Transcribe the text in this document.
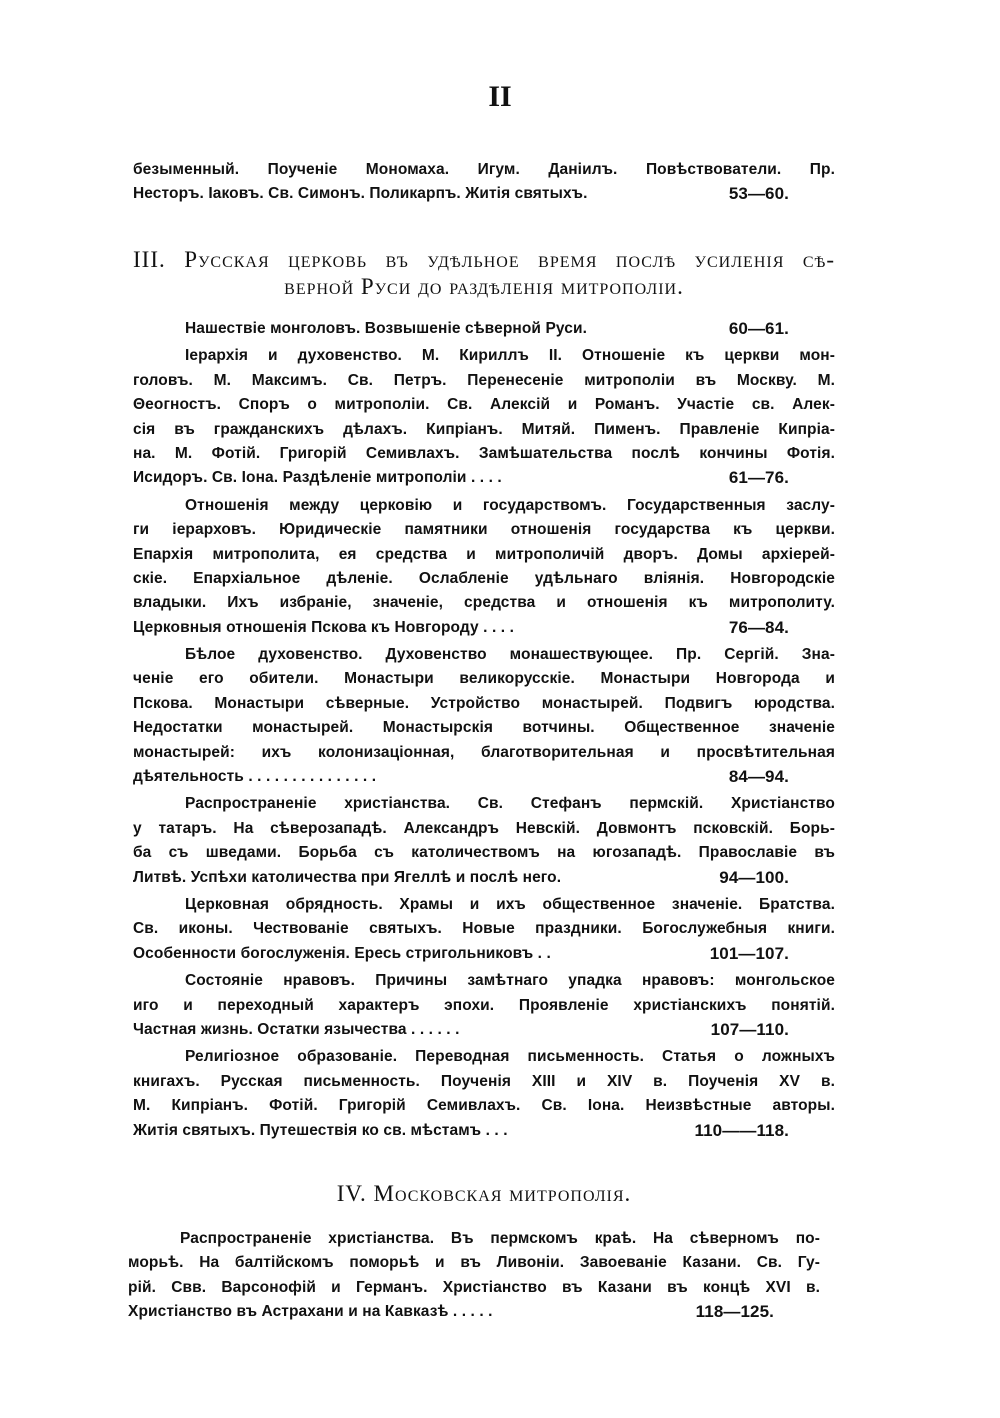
II
безыменный. Поученіе Мономаха. Игум. Даніилъ. Повѣствователи. Пр.
Несторъ. Iаковъ. Св. Симонъ. Поликарпъ. Житія святыхъ.	53—60.
III. Русская церковь въ удѣльное время послѣ усиленія сѣ-
верной Руси до раздѣленія митрополіи.
Нашествіе монголовъ. Возвышеніе сѣверной Руси.	60—61.
Iерархія и духовенство. М. Кириллъ II. Отношеніе къ церкви мон-
головъ. М. Максимъ. Св. Петръ. Перенесеніе митрополіи въ Москву. М.
Θеогностъ. Споръ о митрополіи. Св. Алексій и Романъ. Участіе св. Алек-
сія въ гражданскихъ дѣлахъ. Кипріанъ. Митяй. Пименъ. Правленіе Кипріа-
на. М. Фотій. Григорій Семивлахъ. Замѣшательства послѣ кончины Фотія.
Исидоръ. Св. Iона. Раздѣленіе митрополіи . . . .	61—76.
Отношенія между церковію и государствомъ. Государственныя заслу-
ги iерарховъ. Юридическіе памятники отношенія государства къ церкви.
Епархія митрополита, ея средства и митрополичій дворъ. Домы архіерей-
скіе. Епархіальное дѣленіе. Ослабленіе удѣльнаго вліянія. Новгородскіе
владыки. Ихъ избраніе, значеніе, средства и отношенія къ митрополиту.
Церковныя отношенія Пскова къ Новгороду . . . .	76—84.
Бѣлое духовенство. Духовенство монашествующее. Пр. Сергій. Зна-
ченіе его обители. Монастыри великорусскіе. Монастыри Новгорода и
Пскова. Монастыри сѣверные. Устройство монастырей. Подвигъ юродства.
Недостатки монастырей. Монастырскія вотчины. Общественное значеніе
монастырей: ихъ колонизаціонная, благотворительная и просвѣтительная
дѣятельность . . . . . . . . . . . . . . .	84—94.
Распространеніе христіанства. Св. Стефанъ пермскій. Христіанство
у татаръ. На сѣверозападѣ. Александръ Невскій. Довмонтъ псковскій. Борь-
ба съ шведами. Борьба съ католичествомъ на югозападѣ. Православіе въ
Литвѣ. Успѣхи католичества при Ягеллѣ и послѣ него.	94—100.
Церковная обрядность. Храмы и ихъ общественное значеніе. Братства.
Св. иконы. Чествованіе святыхъ. Новые праздники. Богослужебныя книги.
Особенности богослуженія. Ересь стригольниковъ . .	101—107.
Состояніе нравовъ. Причины замѣтнаго упадка нравовъ: монгольское
иго и переходный характеръ эпохи. Проявленіе христіанскихъ понятій.
Частная жизнь. Остатки язычества . . . . . .	107—110.
Религіозное образованіе. Переводная письменность. Статья о ложныхъ
книгахъ. Русская письменность. Поученія XIII и XIV в. Поученія XV в.
М. Кипріанъ. Фотій. Григорій Семивлахъ. Св. Iона. Неизвѣстные авторы.
Житія святыхъ. Путешествія ко св. мѣстамъ . . .	110——118.
IV. Московская митрополія.
Распространеніе христіанства. Въ пермскомъ краѣ. На сѣверномъ по-
морьѣ. На балтійскомъ поморьѣ и въ Ливоніи. Завоеваніе Казани. Св. Гу-
рій. Свв. Варсонофій и Германъ. Христіанство въ Казани въ концѣ XVI в.
Христіанство въ Астрахани и на Кавказѣ . . . . .	118—125.
